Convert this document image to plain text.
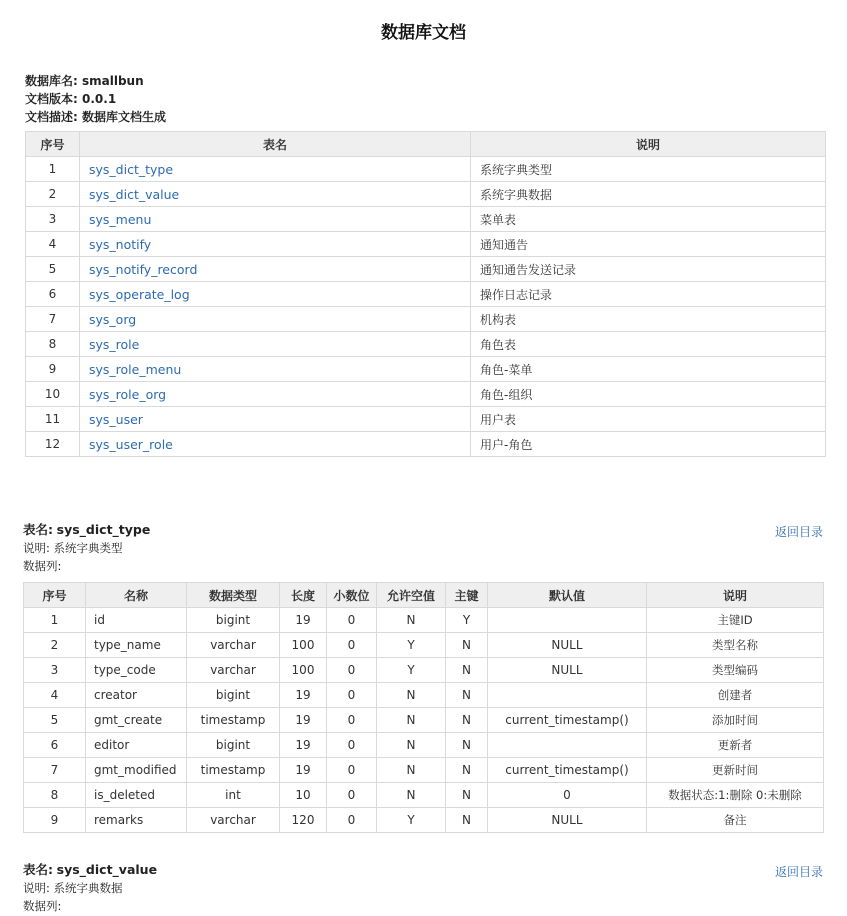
数据库文档
数据库名: smallbun
文档版本: 0.0.1
文档描述: 数据库文档生成
序号	表名	说明
1	sys_dict_type	系统字典类型
2	sys_dict_value	系统字典数据
3	sys_menu	菜单表
4	sys_notify	通知通告
5	sys_notify_record	通知通告发送记录
6	sys_operate_log	操作日志记录
7	sys_org	机构表
8	sys_role	角色表
9	sys_role_menu	角色-菜单
10	sys_role_org	角色-组织
11	sys_user	用户表
12	sys_user_role	用户-角色
表名: sys_dict_type
说明: 系统字典类型
数据列:
返回目录
序号	名称	数据类型	长度	小数位	允许空值	主键	默认值	说明
1	id	bigint	19	0	N	Y		主键ID
2	type_name	varchar	100	0	Y	N	NULL	类型名称
3	type_code	varchar	100	0	Y	N	NULL	类型编码
4	creator	bigint	19	0	N	N		创建者
5	gmt_create	timestamp	19	0	N	N	current_timestamp()	添加时间
6	editor	bigint	19	0	N	N		更新者
7	gmt_modified	timestamp	19	0	N	N	current_timestamp()	更新时间
8	is_deleted	int	10	0	N	N	0	数据状态:1:删除 0:未删除
9	remarks	varchar	120	0	Y	N	NULL	备注
表名: sys_dict_value
说明: 系统字典数据
数据列:
返回目录
